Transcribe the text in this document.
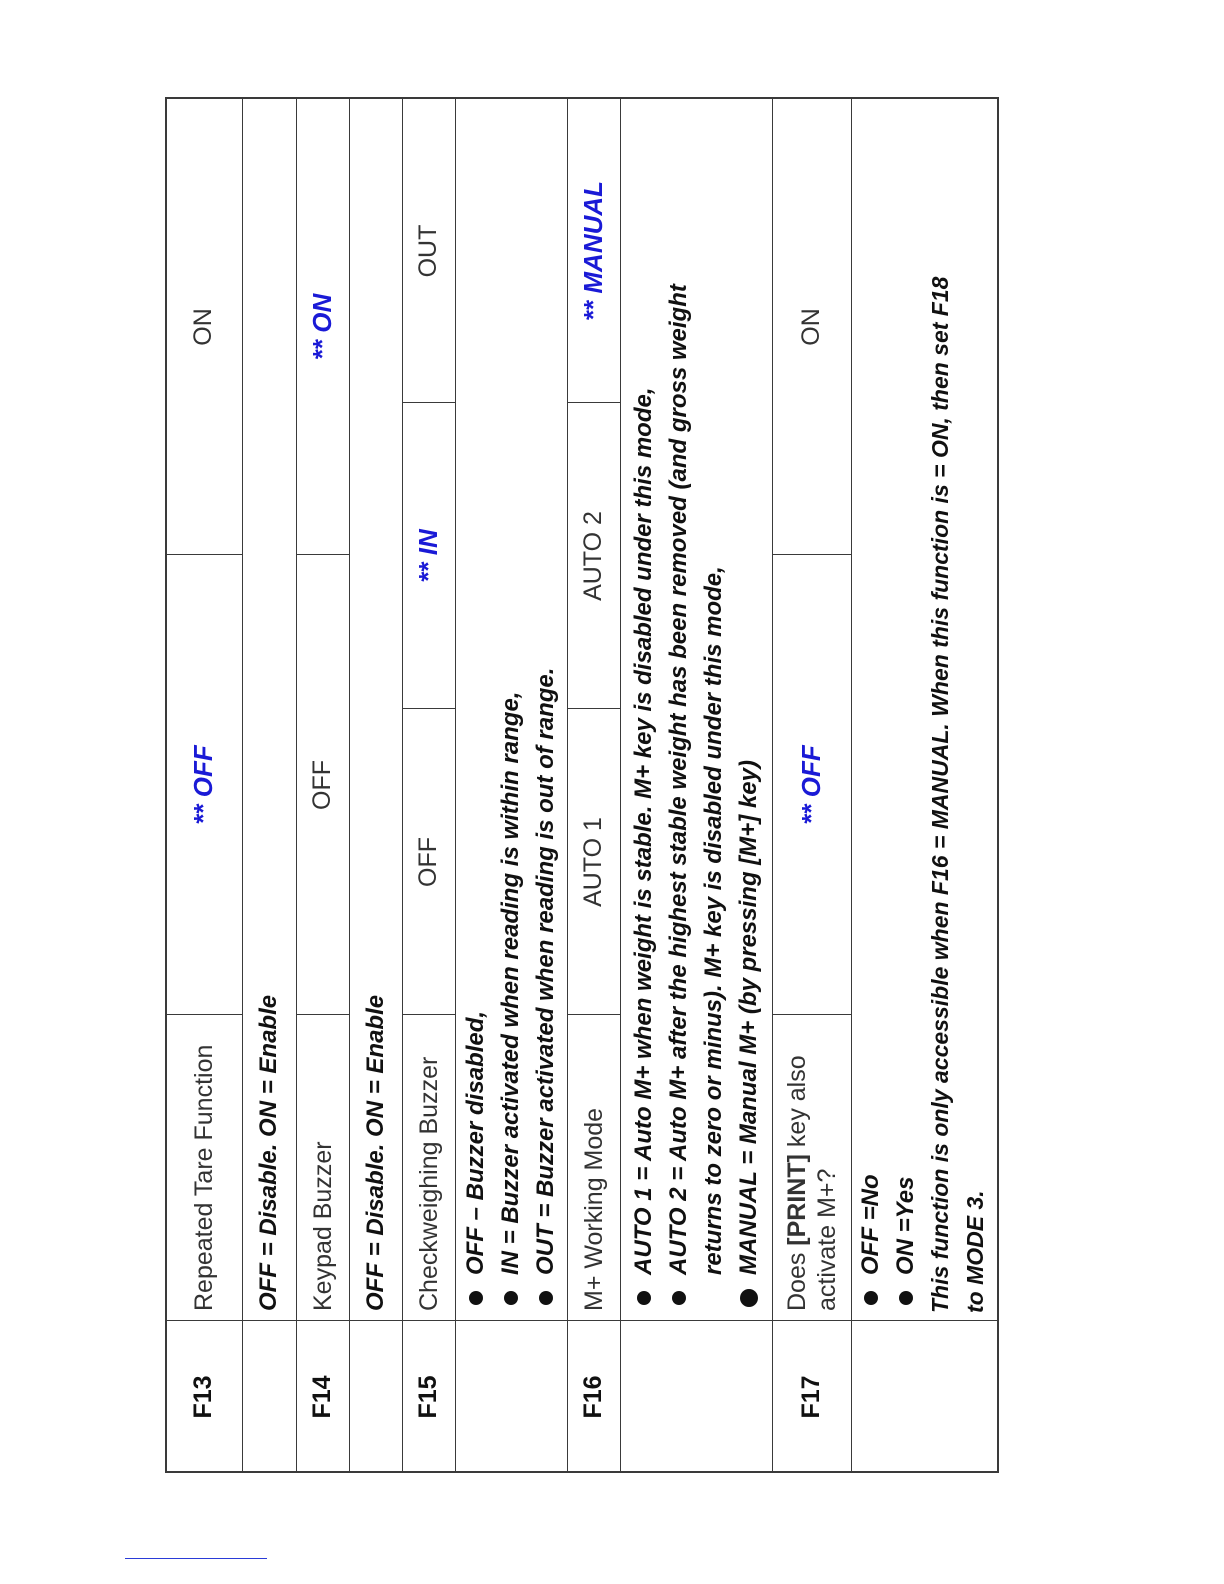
F13
Repeated Tare Function
** OFF
ON
OFF = Disable. ON = Enable
F14
Keypad Buzzer
OFF
** ON
OFF = Disable. ON = Enable
F15
Checkweighing Buzzer
OFF
** IN
OUT
OFF – Buzzer disabled, IN = Buzzer activated when reading is within range, OUT = Buzzer activated when reading is out of range.
F16
M+ Working Mode
AUTO 1
AUTO 2
** MANUAL
AUTO 1 = Auto M+ when weight is stable. M+ key is disabled under this mode, AUTO 2 = Auto M+ after the highest stable weight has been removed (and gross weight returns to zero or minus). M+ key is disabled under this mode, MANUAL = Manual M+ (by pressing [M+] key)
F17
Does [PRINT] key also activate M+?
** OFF
ON
OFF =No ON =Yes This function is only accessible when F16 = MANUAL. When this function is = ON, then set F18 to MODE 3.
